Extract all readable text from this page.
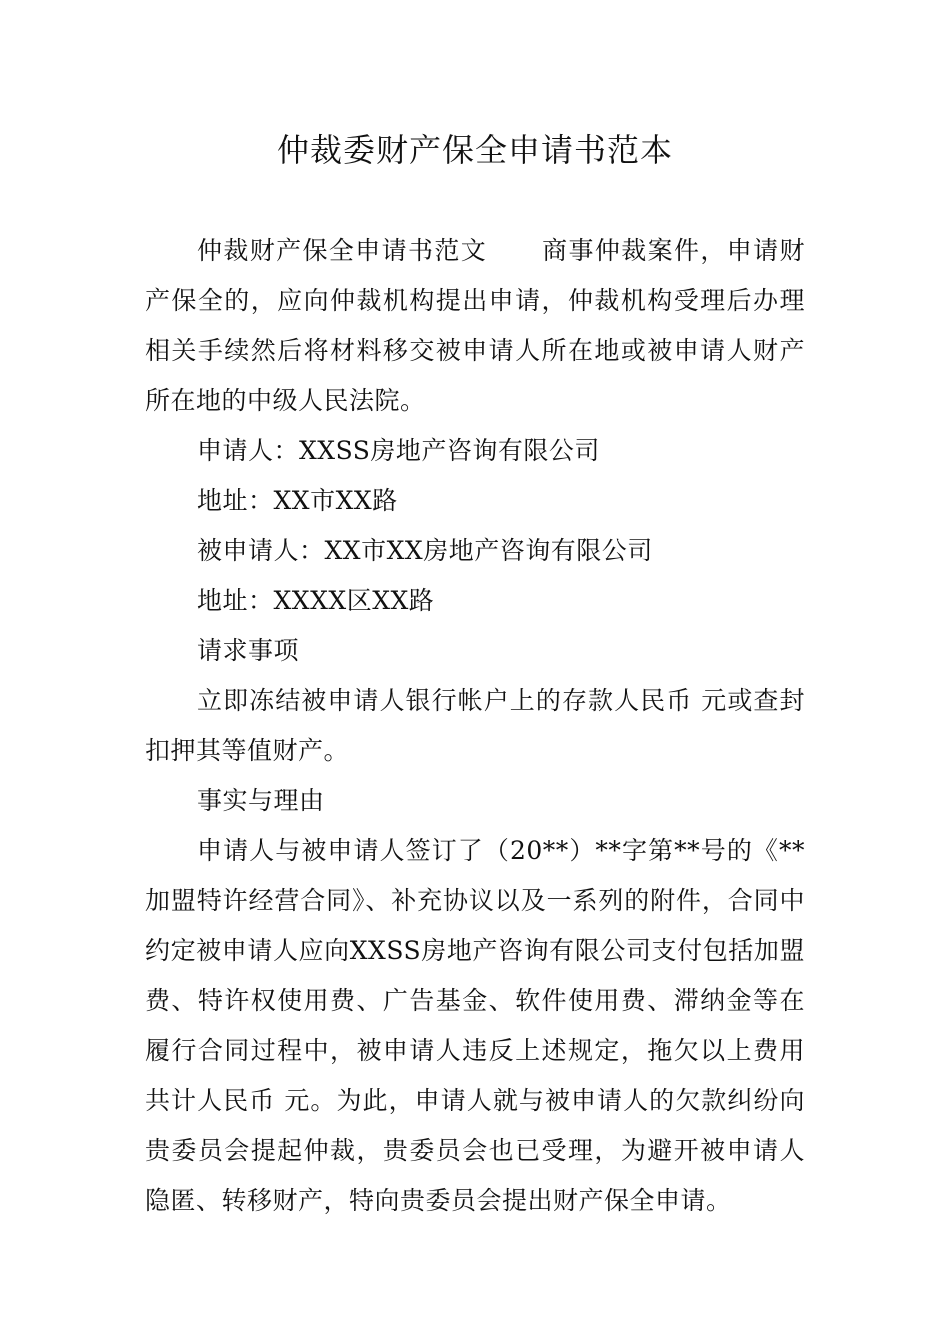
仲裁委财产保全申请书范本

仲裁财产保全申请书范文 商事仲裁案件，申请财产保全的，应向仲裁机构提出申请，仲裁机构受理后办理相关手续然后将材料移交被申请人所在地或被申请人财产所在地的中级人民法院。

申请人：XXSS房地产咨询有限公司

地址：XX市XX路

被申请人：XX市XX房地产咨询有限公司

地址：XXXX区XX路

请求事项

立即冻结被申请人银行帐户上的存款人民币 元或查封扣押其等值财产。

事实与理由

申请人与被申请人签订了（20**）**字第**号的《**加盟特许经营合同》、补充协议以及一系列的附件，合同中约定被申请人应向XXSS房地产咨询有限公司支付包括加盟费、特许权使用费、广告基金、软件使用费、滞纳金等在履行合同过程中，被申请人违反上述规定，拖欠以上费用共计人民币 元。为此，申请人就与被申请人的欠款纠纷向贵委员会提起仲裁，贵委员会也已受理，为避开被申请人隐匿、转移财产，特向贵委员会提出财产保全申请。
